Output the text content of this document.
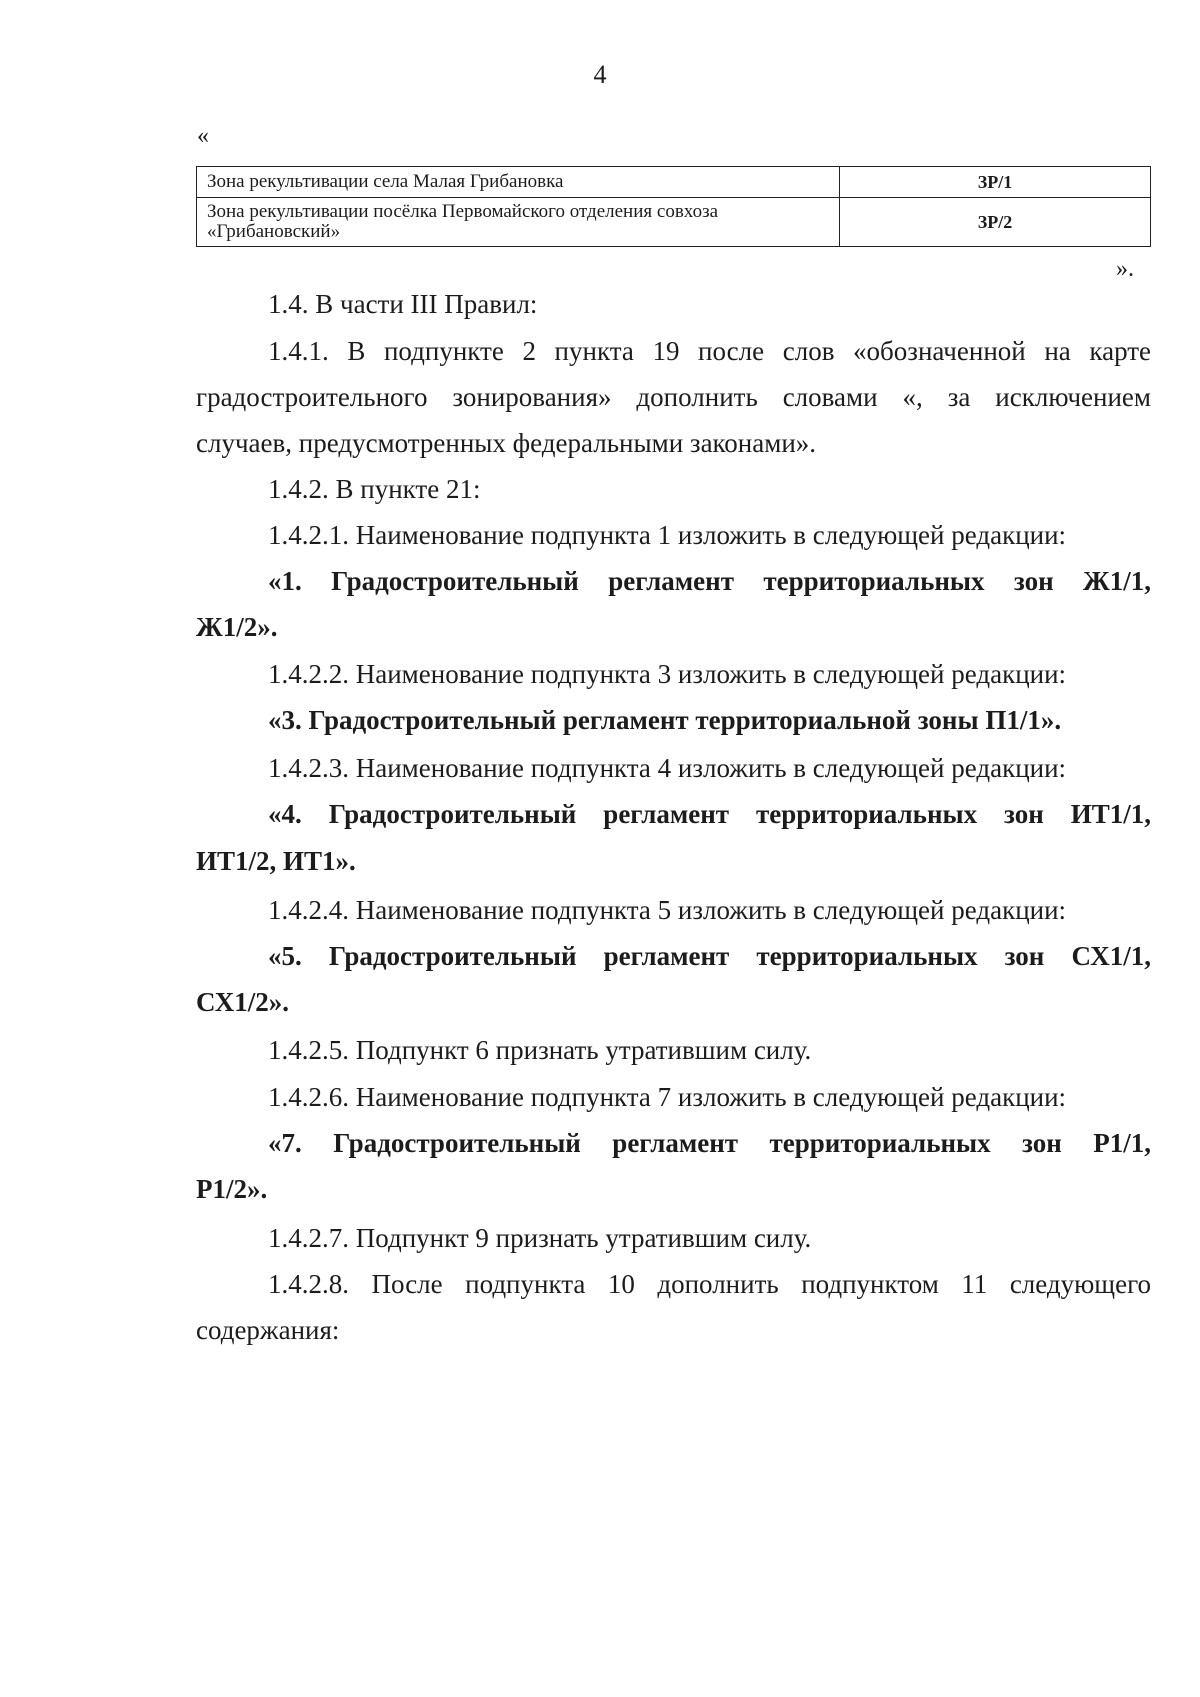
4
«
Зона рекультивации села Малая Грибановка	ЗР/1
Зона рекультивации посёлка Первомайского отделения совхоза «Грибановский»	ЗР/2
».
1.4. В части III Правил:
1.4.1. В подпункте 2 пункта 19 после слов «обозначенной на карте
градостроительного зонирования» дополнить словами «, за исключением
случаев, предусмотренных федеральными законами».
1.4.2. В пункте 21:
1.4.2.1. Наименование подпункта 1 изложить в следующей редакции:
«1. Градостроительный регламент территориальных зон Ж1/1,
Ж1/2».
1.4.2.2. Наименование подпункта 3 изложить в следующей редакции:
«3. Градостроительный регламент территориальной зоны П1/1».
1.4.2.3. Наименование подпункта 4 изложить в следующей редакции:
«4. Градостроительный регламент территориальных зон ИТ1/1,
ИТ1/2, ИТ1».
1.4.2.4. Наименование подпункта 5 изложить в следующей редакции:
«5. Градостроительный регламент территориальных зон СХ1/1,
СХ1/2».
1.4.2.5. Подпункт 6 признать утратившим силу.
1.4.2.6. Наименование подпункта 7 изложить в следующей редакции:
«7. Градостроительный регламент территориальных зон Р1/1,
Р1/2».
1.4.2.7. Подпункт 9 признать утратившим силу.
1.4.2.8. После подпункта 10 дополнить подпунктом 11 следующего
содержания:
